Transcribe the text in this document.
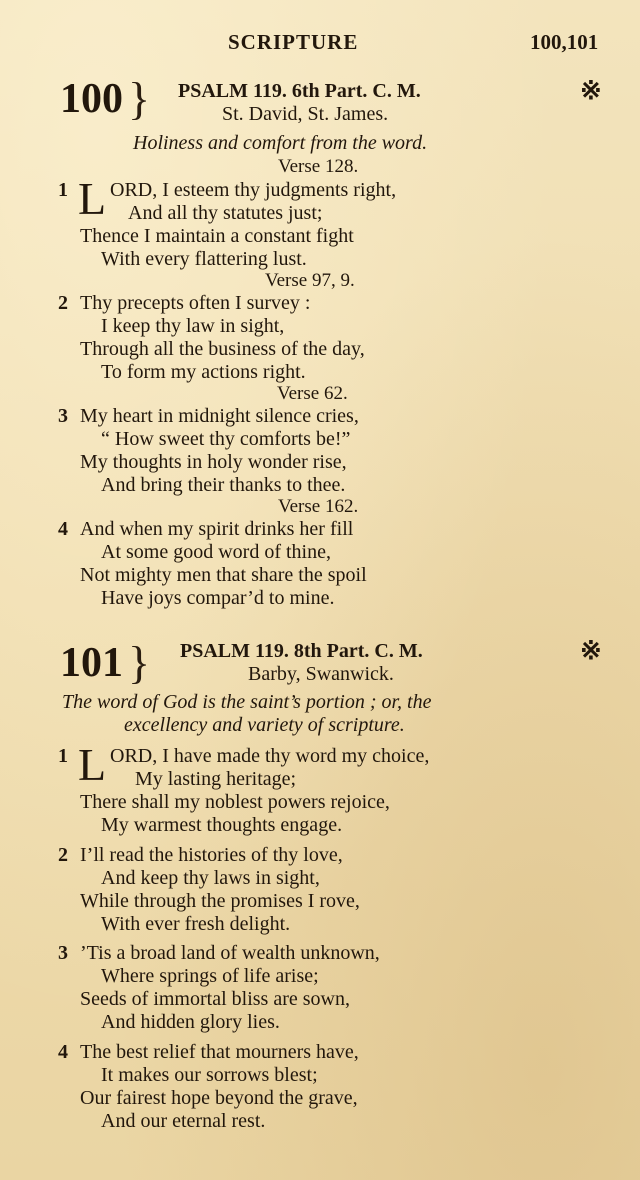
SCRIPTURE	100,101
100 } PSALM 119. 6th Part. C. M.	※
St. David, St. James.
Holiness and comfort from the word.
Verse 128.
1 L ORD, I esteem thy judgments right,
And all thy statutes just;
Thence I maintain a constant fight
With every flattering lust.
Verse 97, 9.
2 Thy precepts often I survey :
I keep thy law in sight,
Through all the business of the day,
To form my actions right.
Verse 62.
3 My heart in midnight silence cries,
“ How sweet thy comforts be!”
My thoughts in holy wonder rise,
And bring their thanks to thee.
Verse 162.
4 And when my spirit drinks her fill
At some good word of thine,
Not mighty men that share the spoil
Have joys compar’d to mine.
101 } PSALM 119. 8th Part. C. M.	※
Barby, Swanwick.
The word of God is the saint’s portion ; or, the
excellency and variety of scripture.
1 L ORD, I have made thy word my choice,
My lasting heritage;
There shall my noblest powers rejoice,
My warmest thoughts engage.
2 I’ll read the histories of thy love,
And keep thy laws in sight,
While through the promises I rove,
With ever fresh delight.
3 ’Tis a broad land of wealth unknown,
Where springs of life arise;
Seeds of immortal bliss are sown,
And hidden glory lies.
4 The best relief that mourners have,
It makes our sorrows blest;
Our fairest hope beyond the grave,
And our eternal rest.
